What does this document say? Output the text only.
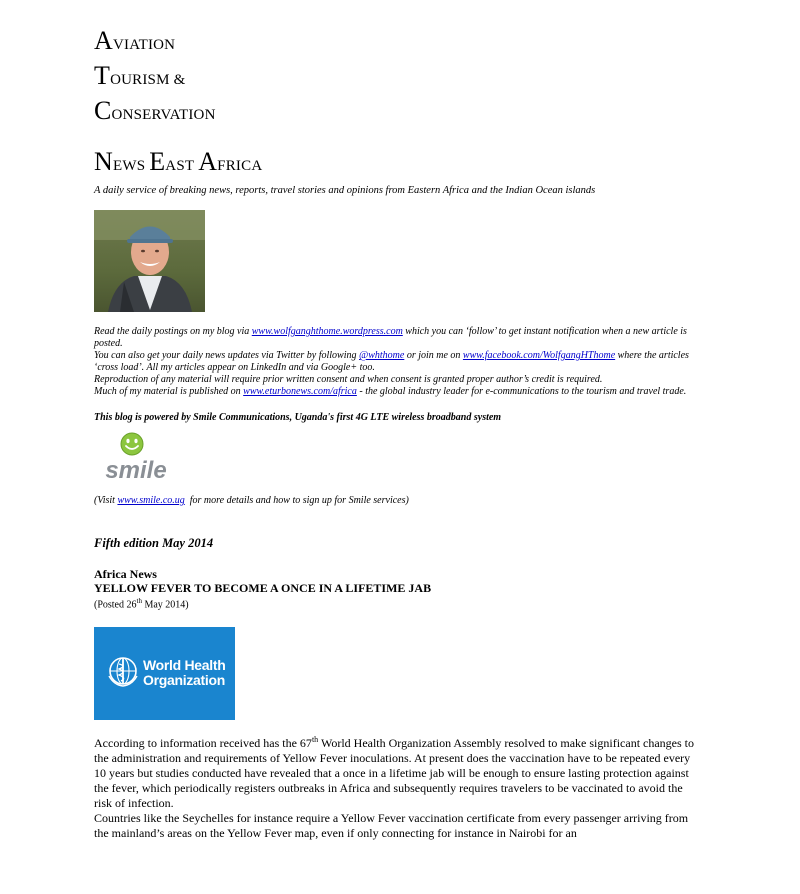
AVIATION
TOURISM &
CONSERVATION
NEWS EAST AFRICA
A daily service of breaking news, reports, travel stories and opinions from Eastern Africa and the Indian Ocean islands

Read the daily postings on my blog via www.wolfganghthome.wordpress.com which you can ‘follow’ to get instant notification when a new article is posted.

You can also get your daily news updates via Twitter by following @whthome or join me on www.facebook.com/WolfgangHThome where the articles ‘cross load’. All my articles appear on LinkedIn and via Google+ too.

Reproduction of any material will require prior written consent and when consent is granted proper author’s credit is required.

Much of my material is published on www.eturbonews.com/africa - the global industry leader for e-communications to the tourism and travel trade.

This blog is powered by Smile Communications, Uganda's first 4G LTE wireless broadband system
smile
(Visit www.smile.co.ug  for more details and how to sign up for Smile services)
Fifth edition May 2014
Africa News
YELLOW FEVER TO BECOME A ONCE IN A LIFETIME JAB
(Posted 26th May 2014)
World Health
Organization

According to information received has the 67th World Health Organization Assembly resolved to make significant changes to the administration and requirements of Yellow Fever inoculations. At present does the vaccination have to be repeated every 10 years but studies conducted have revealed that a once in a lifetime jab will be enough to ensure lasting protection against the fever, which periodically registers outbreaks in Africa and subsequently requires travelers to be vaccinated to avoid the risk of infection.

Countries like the Seychelles for instance require a Yellow Fever vaccination certificate from every passenger arriving from the mainland’s areas on the Yellow Fever map, even if only connecting for instance in Nairobi for an
